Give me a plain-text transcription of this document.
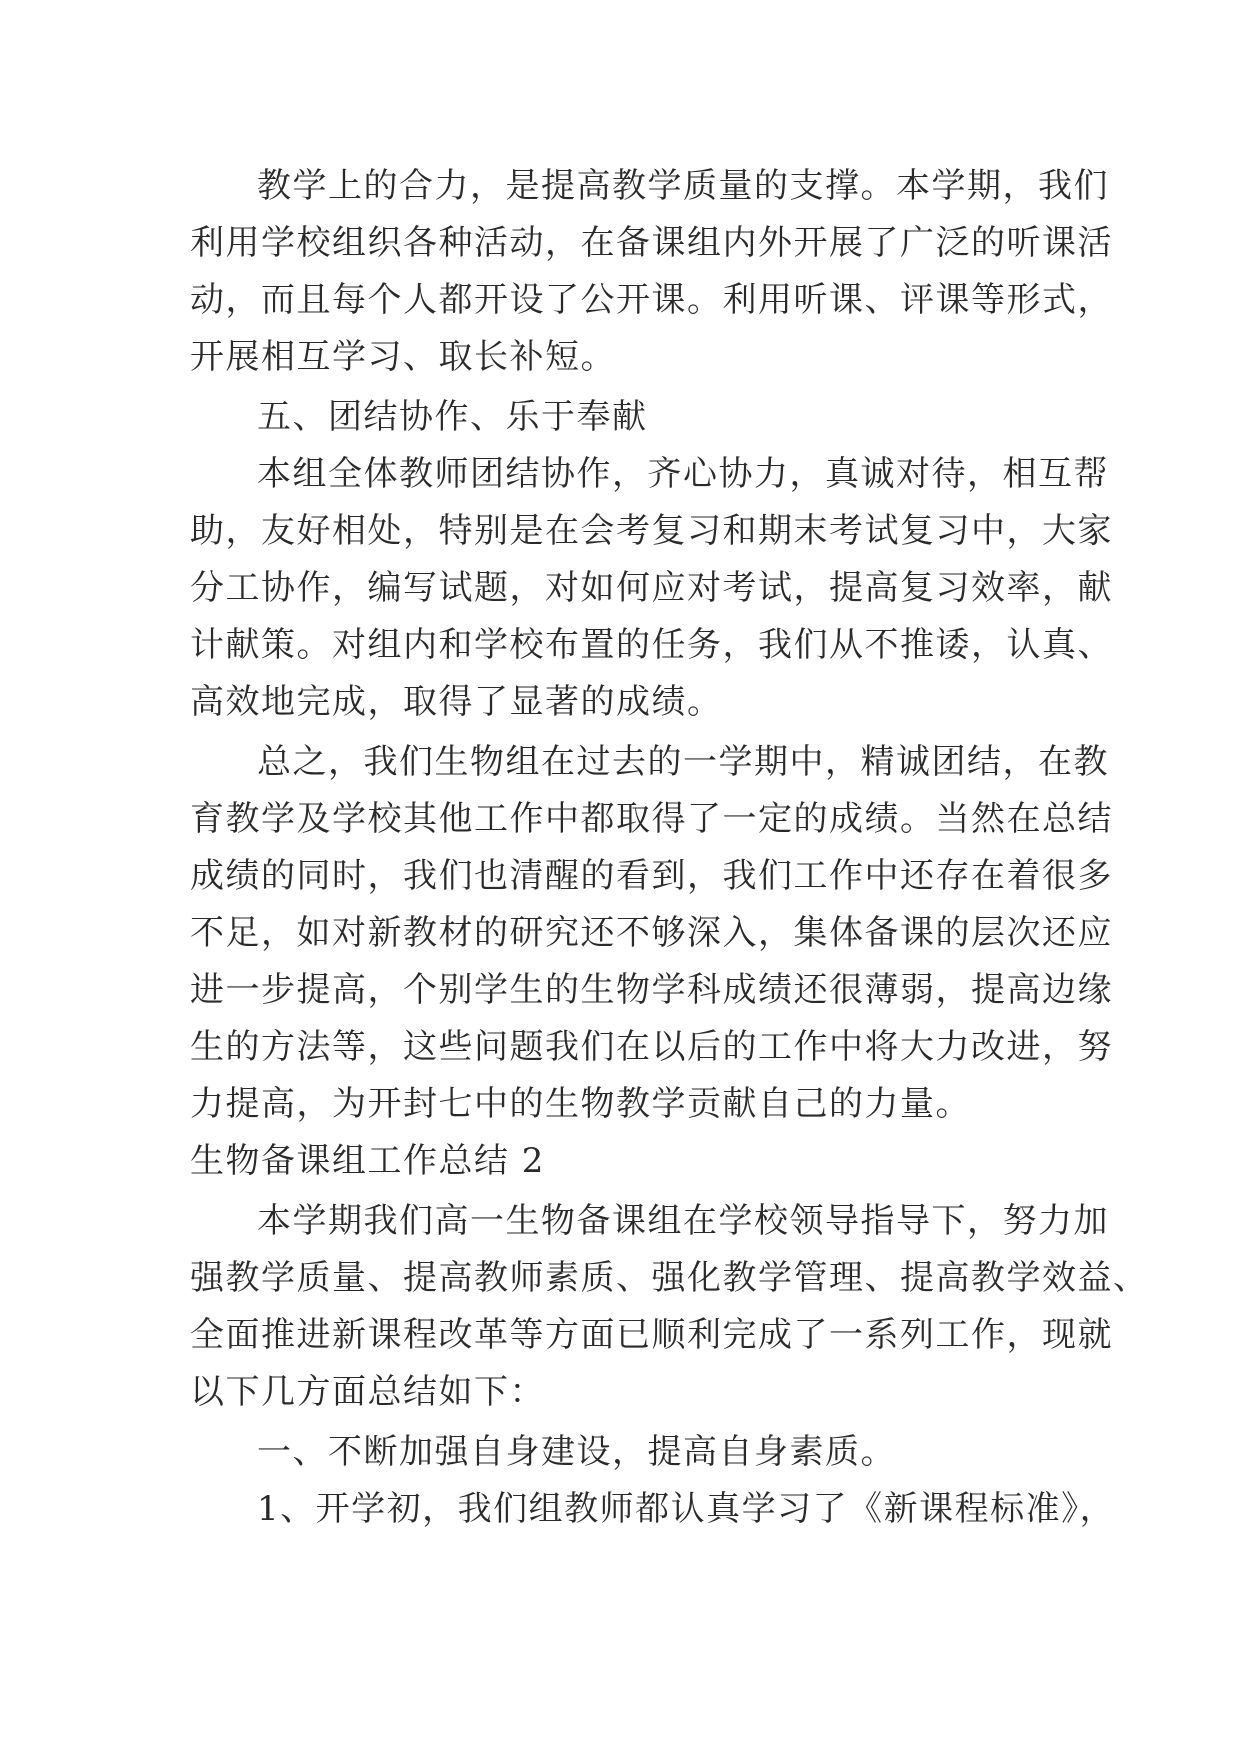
教学上的合力，是提高教学质量的支撑。本学期，我们

利用学校组织各种活动，在备课组内外开展了广泛的听课活

动，而且每个人都开设了公开课。利用听课、评课等形式，

开展相互学习、取长补短。

五、团结协作、乐于奉献

本组全体教师团结协作，齐心协力，真诚对待，相互帮

助，友好相处，特别是在会考复习和期末考试复习中，大家

分工协作，编写试题，对如何应对考试，提高复习效率，献

计献策。对组内和学校布置的任务，我们从不推诿，认真、

高效地完成，取得了显著的成绩。

总之，我们生物组在过去的一学期中，精诚团结，在教

育教学及学校其他工作中都取得了一定的成绩。当然在总结

成绩的同时，我们也清醒的看到，我们工作中还存在着很多

不足，如对新教材的研究还不够深入，集体备课的层次还应

进一步提高，个别学生的生物学科成绩还很薄弱，提高边缘

生的方法等，这些问题我们在以后的工作中将大力改进，努

力提高，为开封七中的生物教学贡献自己的力量。

生物备课组工作总结 2

本学期我们高一生物备课组在学校领导指导下，努力加

强教学质量、提高教师素质、强化教学管理、提高教学效益、

全面推进新课程改革等方面已顺利完成了一系列工作，现就

以下几方面总结如下：

一、不断加强自身建设，提高自身素质。

1、开学初，我们组教师都认真学习了《新课程标准》，
